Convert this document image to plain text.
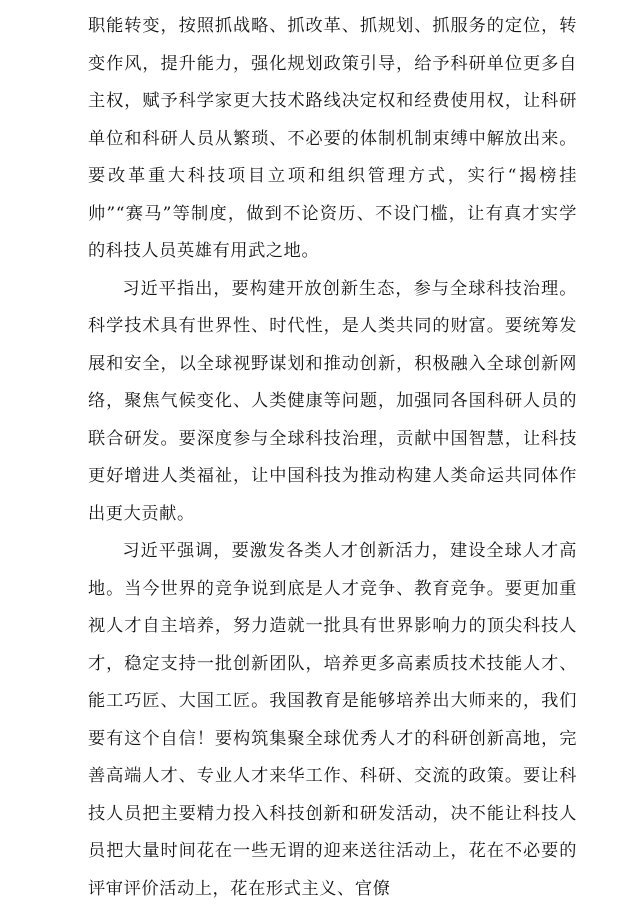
职能转变，按照抓战略、抓改革、抓规划、抓服务的定位，转变作风，提升能力，强化规划政策引导，给予科研单位更多自主权，赋予科学家更大技术路线决定权和经费使用权，让科研单位和科研人员从繁琐、不必要的体制机制束缚中解放出来。要改革重大科技项目立项和组织管理方式，实行“揭榜挂帅”“赛马”等制度，做到不论资历、不设门槛，让有真才实学的科技人员英雄有用武之地。

习近平指出，要构建开放创新生态，参与全球科技治理。科学技术具有世界性、时代性，是人类共同的财富。要统筹发展和安全，以全球视野谋划和推动创新，积极融入全球创新网络，聚焦气候变化、人类健康等问题，加强同各国科研人员的联合研发。要深度参与全球科技治理，贡献中国智慧，让科技更好增进人类福祉，让中国科技为推动构建人类命运共同体作出更大贡献。

习近平强调，要激发各类人才创新活力，建设全球人才高地。当今世界的竞争说到底是人才竞争、教育竞争。要更加重视人才自主培养，努力造就一批具有世界影响力的顶尖科技人才，稳定支持一批创新团队，培养更多高素质技术技能人才、能工巧匠、大国工匠。我国教育是能够培养出大师来的，我们要有这个自信！要构筑集聚全球优秀人才的科研创新高地，完善高端人才、专业人才来华工作、科研、交流的政策。要让科技人员把主要精力投入科技创新和研发活动，决不能让科技人员把大量时间花在一些无谓的迎来送往活动上，花在不必要的评审评价活动上，花在形式主义、官僚
